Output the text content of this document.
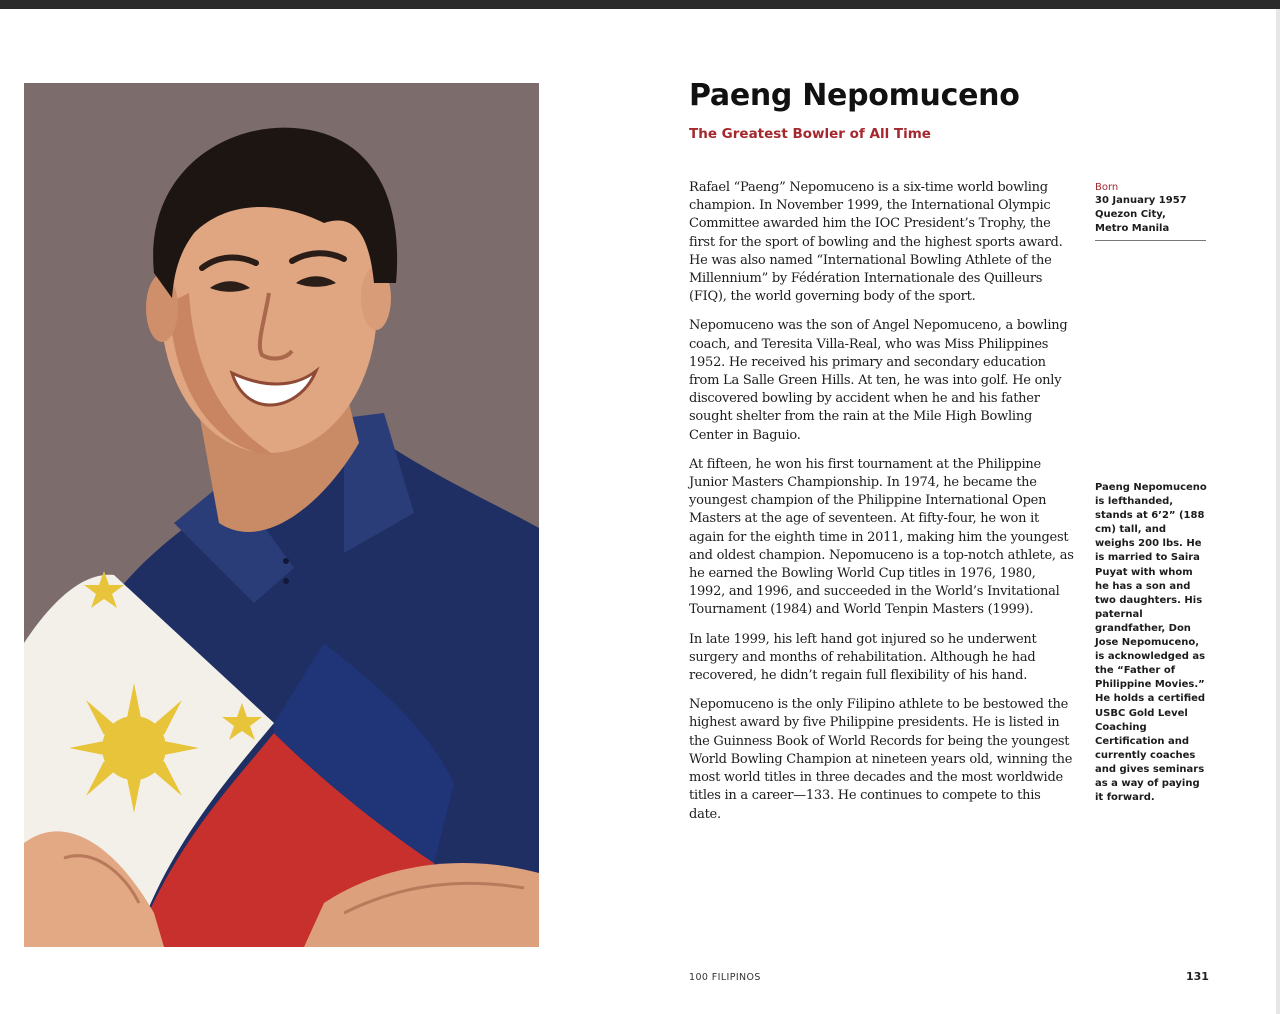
Paeng Nepomuceno
The Greatest Bowler of All Time

Rafael “Paeng” Nepomuceno is a six-time world bowling champion. In November 1999, the International Olympic Committee awarded him the IOC President’s Trophy, the first for the sport of bowling and the highest sports award. He was also named “International Bowling Athlete of the Millennium” by Fédération Internationale des Quilleurs (FIQ), the world governing body of the sport.

Nepomuceno was the son of Angel Nepomuceno, a bowling coach, and Teresita Villa-Real, who was Miss Philippines 1952. He received his primary and secondary education from La Salle Green Hills. At ten, he was into golf. He only discovered bowling by accident when he and his father sought shelter from the rain at the Mile High Bowling Center in Baguio.

At fifteen, he won his first tournament at the Philippine Junior Masters Championship. In 1974, he became the youngest champion of the Philippine International Open Masters at the age of seventeen. At fifty-four, he won it again for the eighth time in 2011, making him the youngest and oldest champion. Nepomuceno is a top-notch athlete, as he earned the Bowling World Cup titles in 1976, 1980, 1992, and 1996, and succeeded in the World’s Invitational Tournament (1984) and World Tenpin Masters (1999).

In late 1999, his left hand got injured so he underwent surgery and months of rehabilitation. Although he had recovered, he didn’t regain full flexibility of his hand.

Nepomuceno is the only Filipino athlete to be bestowed the highest award by five Philippine presidents. He is listed in the Guinness Book of World Records for being the youngest World Bowling Champion at nineteen years old, winning the most world titles in three decades and the most worldwide titles in a career—133. He continues to compete to this date.

Born
30 January 1957
Quezon City,
Metro Manila
Paeng Nepomuceno is lefthanded, stands at 6’2” (188 cm) tall, and weighs 200 lbs. He is married to Saira Puyat with whom he has a son and two daughters. His paternal grandfather, Don Jose Nepomuceno, is acknowledged as the “Father of Philippine Movies.” He holds a certified USBC Gold Level Coaching Certification and currently coaches and gives seminars as a way of paying it forward.
100 FILIPINOS	131
